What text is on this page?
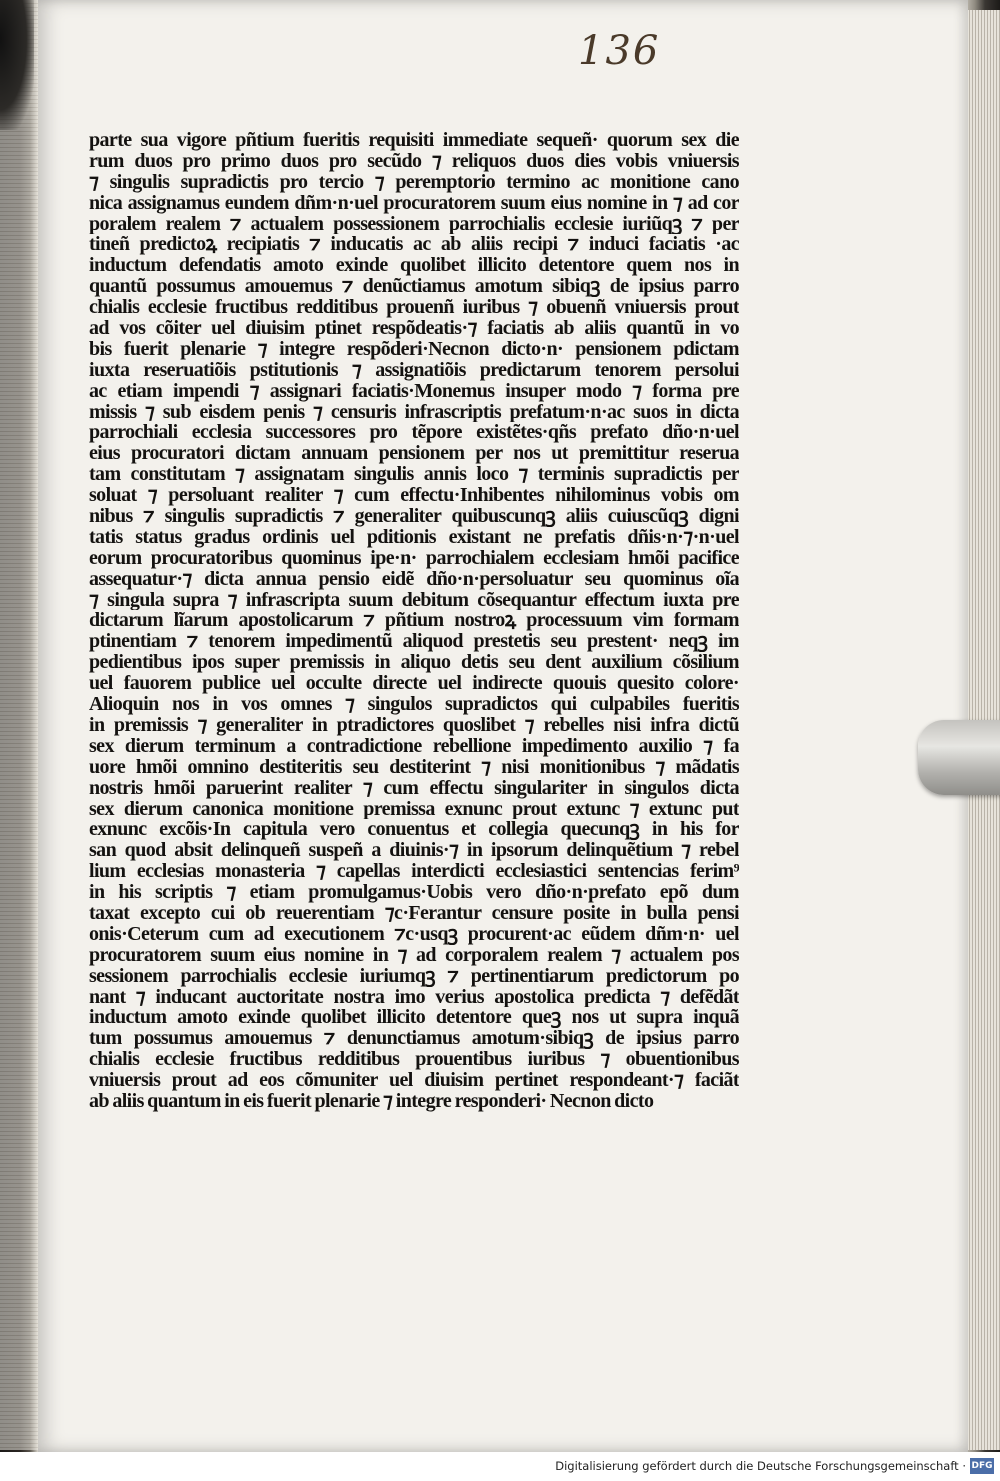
136
parte sua vigore pñtium fueritis requisiti immediate sequeñ· quorum sex die
rum duos pro primo duos pro secũdo ⁊ reliquos duos dies vobis vniuersis
⁊ singulis supradictis pro tercio ⁊ peremptorio termino ac monitione cano
nica assignamus eundem dñm·n·uel procuratorem suum eius nomine in ⁊ ad cor
poralem realem ⁊ actualem possessionem parrochialis ecclesie iuriũqꝫ ⁊ per
tineñ predictoꝝ recipiatis ⁊ inducatis ac ab aliis recipi ⁊ induci faciatis ·ac
inductum defendatis amoto exinde quolibet illicito detentore quem nos in
quantũ possumus amouemus ⁊ denũctiamus amotum sibiqꝫ de ipsius parro
chialis ecclesie fructibus redditibus prouenñ iuribus ⁊ obuenñ vniuersis prout
ad vos cõiter uel diuisim ptinet respõdeatis·⁊ faciatis ab aliis quantũ in vo
bis fuerit plenarie ⁊ integre respõderi·Necnon dicto·n· pensionem pdictam
iuxta reseruatiõis pstitutionis ⁊ assignatiõis predictarum tenorem persolui
ac etiam impendi ⁊ assignari faciatis·Monemus insuper modo ⁊ forma pre
missis ⁊ sub eisdem penis ⁊ censuris infrascriptis prefatum·n·ac suos in dicta
parrochiali ecclesia successores pro tẽpore existẽtes·qñs prefato dño·n·uel
eius procuratori dictam annuam pensionem per nos ut premittitur reserua
tam constitutam ⁊ assignatam singulis annis loco ⁊ terminis supradictis per
soluat ⁊ persoluant realiter ⁊ cum effectu·Inhibentes nihilominus vobis om
nibus ⁊ singulis supradictis ⁊ generaliter quibuscunqꝫ aliis cuiuscũqꝫ digni
tatis status gradus ordinis uel pditionis existant ne prefatis dñis·n·⁊·n·uel
eorum procuratoribus quominus ipe·n· parrochialem ecclesiam hmõi pacifice
assequatur·⁊ dicta annua pensio eidẽ dño·n·persoluatur seu quominus oĩa
⁊ singula supra ⁊ infrascripta suum debitum cõsequantur effectum iuxta pre
dictarum lĩarum apostolicarum ⁊ pñtium nostroꝝ processuum vim formam
ptinentiam ⁊ tenorem impedimentũ aliquod prestetis seu prestent· neqꝫ im
pedientibus ipos super premissis in aliquo detis seu dent auxilium cõsilium
uel fauorem publice uel occulte directe uel indirecte quouis quesito colore·
Alioquin nos in vos omnes ⁊ singulos supradictos qui culpabiles fueritis
in premissis ⁊ generaliter in ptradictores quoslibet ⁊ rebelles nisi infra dictũ
sex dierum terminum a contradictione rebellione impedimento auxilio ⁊ fa
uore hmõi omnino destiteritis seu destiterint ⁊ nisi monitionibus ⁊ mãdatis
nostris hmõi paruerint realiter ⁊ cum effectu singulariter in singulos dicta
sex dierum canonica monitione premissa exnunc prout extunc ⁊ extunc put
exnunc excõis·In capitula vero conuentus et collegia quecunqꝫ in his for
san quod absit delinqueñ suspeñ a diuinis·⁊ in ipsorum delinquẽtium ⁊ rebel
lium ecclesias monasteria ⁊ capellas interdicti ecclesiastici sentencias ferim⁹
in his scriptis ⁊ etiam promulgamus·Uobis vero dño·n·prefato epõ dum
taxat excepto cui ob reuerentiam ⁊c·Ferantur censure posite in bulla pensi
onis·Ceterum cum ad executionem ⁊c·usqꝫ procurent·ac eũdem dñm·n· uel
procuratorem suum eius nomine in ⁊ ad corporalem realem ⁊ actualem pos
sessionem parrochialis ecclesie iuriumqꝫ ⁊ pertinentiarum predictorum po
nant ⁊ inducant auctoritate nostra imo verius apostolica predicta ⁊ defẽdãt
inductum amoto exinde quolibet illicito detentore queꝫ nos ut supra inquã
tum possumus amouemus ⁊ denunctiamus amotum·sibiqꝫ de ipsius parro
chialis ecclesie fructibus redditibus prouentibus iuribus ⁊ obuentionibus
vniuersis prout ad eos cõmuniter uel diuisim pertinet respondeant·⁊ faciãt
ab aliis quantum in eis fuerit plenarie ⁊ integre responderi· Necnon dicto
Digitalisierung gefördert durch die Deutsche Forschungsgemeinschaft · DFG
